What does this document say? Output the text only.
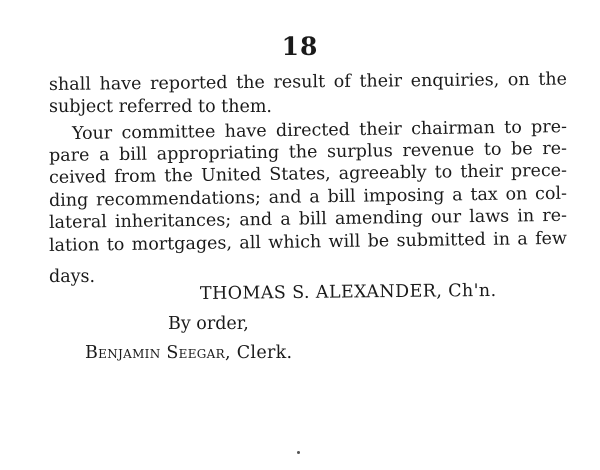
18
shall have reported the result of their enquiries, on the
subject referred to them.
Your committee have directed their chairman to pre-
pare a bill appropriating the surplus revenue to be re-
ceived from the United States, agreeably to their prece-
ding recommendations; and a bill imposing a tax on col-
lateral inheritances; and a bill amending our laws in re-
lation to mortgages, all which will be submitted in a few
days.
THOMAS S. ALEXANDER, Ch'n.
By order,
Benjamin Seegar, Clerk.
